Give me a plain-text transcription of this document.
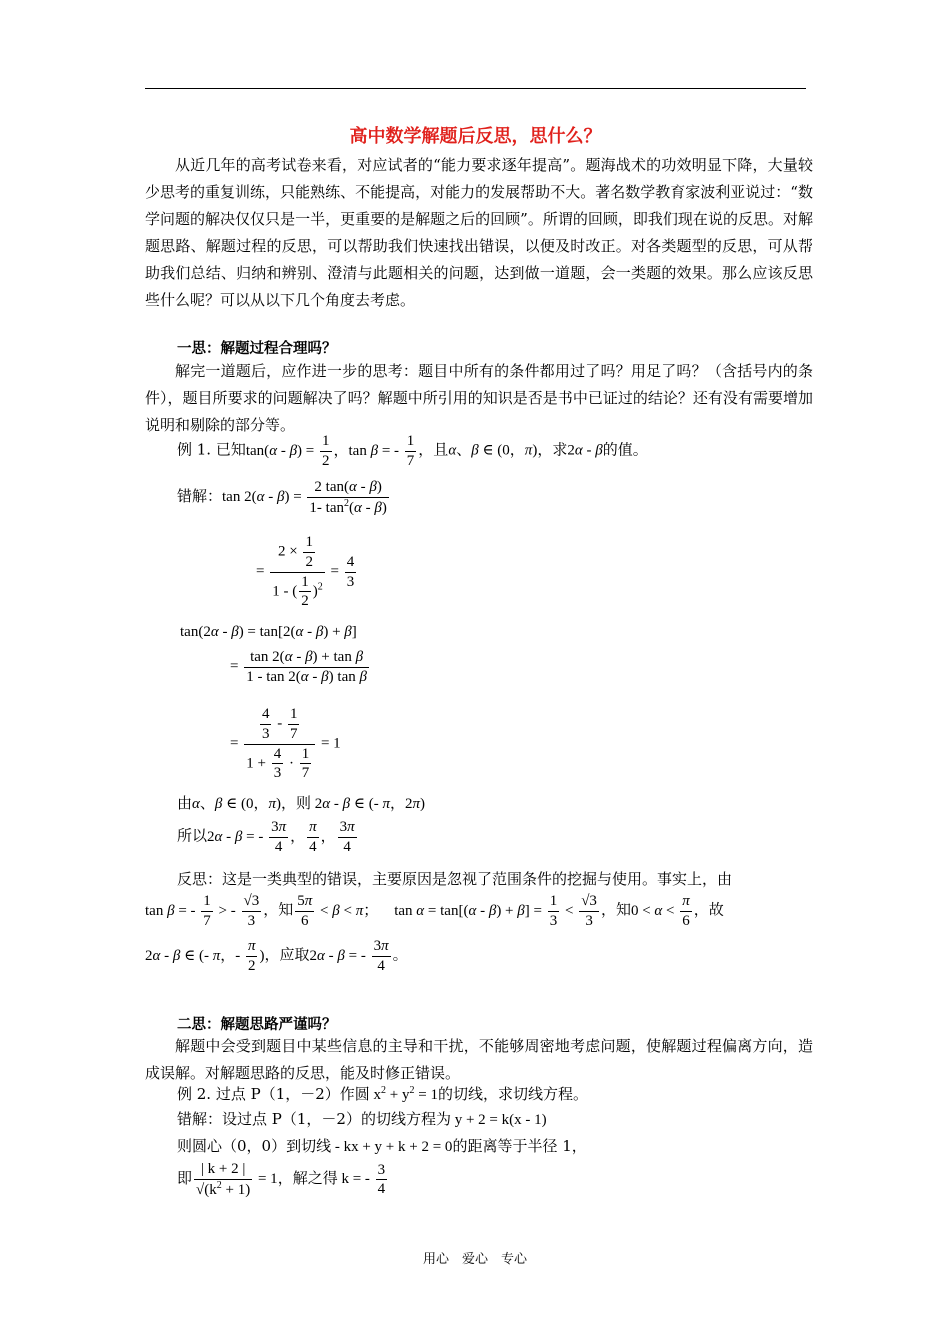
高中数学解题后反思，思什么？
从近几年的高考试卷来看，对应试者的“能力要求逐年提高”。题海战术的功效明显下降，大量较少思考的重复训练，只能熟练、不能提高，对能力的发展帮助不大。著名数学教育家波利亚说过：“数学问题的解决仅仅只是一半，更重要的是解题之后的回顾”。所谓的回顾，即我们现在说的反思。对解题思路、解题过程的反思，可以帮助我们快速找出错误，以便及时改正。对各类题型的反思，可从帮助我们总结、归纳和辨别、澄清与此题相关的问题，达到做一道题，会一类题的效果。那么应该反思些什么呢？可以从以下几个角度去考虑。
一思：解题过程合理吗？
解完一道题后，应作进一步的思考：题目中所有的条件都用过了吗？用足了吗？（含括号内的条件），题目所要求的问题解决了吗？解题中所引用的知识是否是书中已证过的结论？还有没有需要增加说明和剔除的部分等。
例 1. 已知$\tan(\alpha - \beta) = \frac{1}{2}$ ，tan β = - $\frac{1}{7}$ ，且α、β ∈ (0，π)，求2α - β的值。
错解：$\tan 2(\alpha - \beta) = \frac{2 \tan(\alpha - \beta)}{1- \tan^2(\alpha - \beta)}$
= $\frac{2 \times \frac{1}{2}}{1 - ( \frac{1}{2} )^2} = \frac{4}{3}$
tan(2α - β) = tan[2(α - β) + β]
= $\frac{\text{tan 2(α - β) + tan β}}{\text{1 - tan 2(α - β) tan β}}$
= $\frac{\frac{4}{3} - \frac{1}{7}}{1 + \frac{4}{3} \cdot \frac{1}{7}} = 1$
由α、β ∈ (0，π)，则 2α - β ∈ (- π，2π)
所以2α - β = - $\frac{3\pi}{4}$ ， $\frac{\pi}{4}$ ， $\frac{3\pi}{4}$
反思：这是一类典型的错误，主要原因是忽视了范围条件的挖掘与使用。事实上，由
tan β = - $\frac{1}{7}$ > - $\frac{√3}{3}$ ，知 $\frac{5\pi}{6} < \beta < \pi$； $\tan \alpha = \tan[(\alpha - \beta) + \beta] = \frac{1}{3} < \frac{√3}{3}$ ，知$0 < \alpha < \frac{\pi}{6}$ ，故
2α - β ∈ (- π，- $\frac{\pi}{2}$ )，应取2α - β = - $\frac{3\pi}{4}$ 。
二思：解题思路严谨吗？
解题中会受到题目中某些信息的主导和干扰，不能够周密地考虑问题，使解题过程偏离方向，造成误解。对解题思路的反思，能及时修正错误。
例 2. 过点 P（1，－2）作圆 $x^2 + y^2 = 1$的切线，求切线方程。
错解：设过点 P（1，－2）的切线方程为 y + 2 = k(x - 1)
则圆心（0，0）到切线 - kx + y + k + 2 = 0的距离等于半径 1，
即 $\frac{| k + 2 |}{√(k^2 + 1)} = 1$，解之得 k = - $\frac{3}{4}$
用心　爱心　专心
